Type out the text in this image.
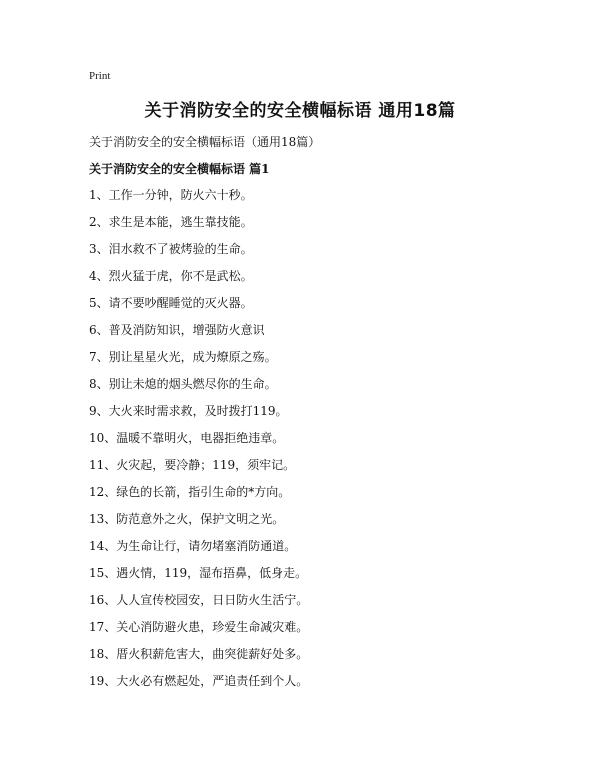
Print
关于消防安全的安全横幅标语 通用18篇
关于消防安全的安全横幅标语（通用18篇）
关于消防安全的安全横幅标语 篇1
1、工作一分钟，防火六十秒。
2、求生是本能，逃生靠技能。
3、泪水救不了被烤验的生命。
4、烈火猛于虎，你不是武松。
5、请不要吵醒睡觉的灭火器。
6、普及消防知识，增强防火意识
7、别让星星火光，成为燎原之殇。
8、别让未熄的烟头燃尽你的生命。
9、大火来时需求救，及时拨打119。
10、温暖不靠明火，电器拒绝违章。
11、火灾起，要冷静；119，须牢记。
12、绿色的长箭，指引生命的*方向。
13、防范意外之火，保护文明之光。
14、为生命让行，请勿堵塞消防通道。
15、遇火情，119，湿布捂鼻，低身走。
16、人人宣传校园安，日日防火生活宁。
17、关心消防避火患，珍爱生命减灾难。
18、厝火积薪危害大，曲突徙薪好处多。
19、大火必有燃起处，严追责任到个人。
